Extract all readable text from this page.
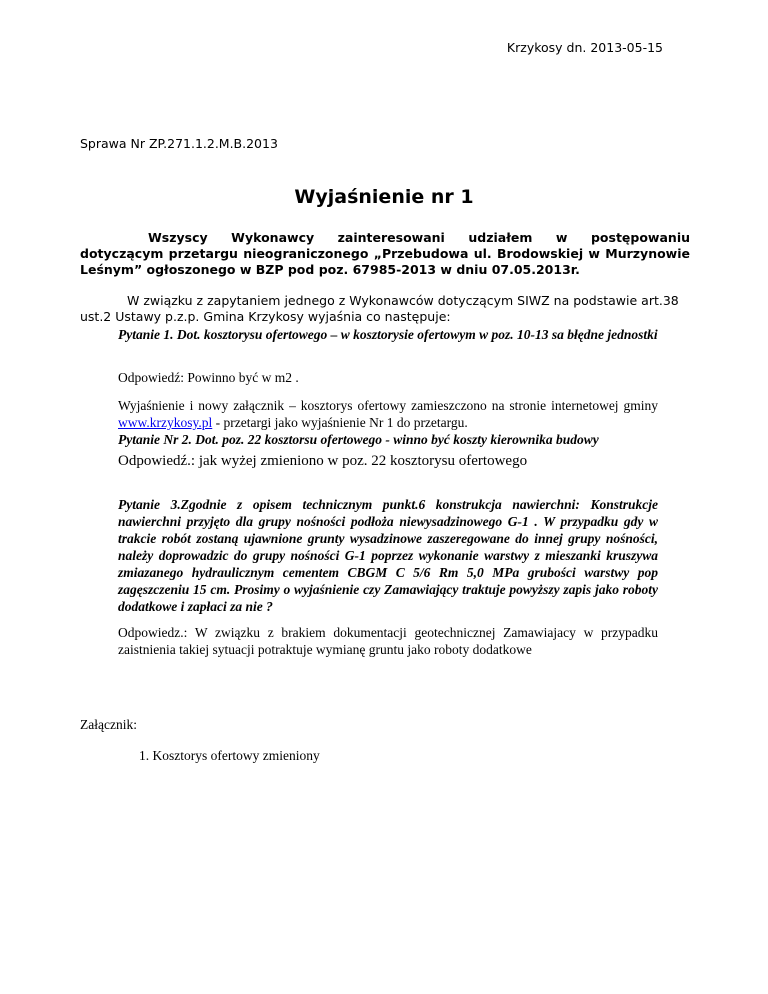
Krzykosy dn. 2013-05-15
Sprawa Nr ZP.271.1.2.M.B.2013
Wyjaśnienie nr 1
Wszyscy Wykonawcy zainteresowani udziałem w postępowaniu
dotyczącym przetargu nieograniczonego „Przebudowa ul. Brodowskiej w Murzynowie Leśnym” ogłoszonego w BZP pod poz. 67985-2013 w dniu 07.05.2013r.
W związku z zapytaniem jednego z Wykonawców dotyczącym SIWZ na podstawie art.38 ust.2 Ustawy p.z.p. Gmina Krzykosy wyjaśnia co następuje:
Pytanie 1. Dot. kosztorysu ofertowego – w kosztorysie ofertowym w poz. 10-13 sa błędne jednostki
Odpowiedź: Powinno być w m2 .
Wyjaśnienie i nowy załącznik – kosztorys ofertowy zamieszczono na stronie internetowej gminy www.krzykosy.pl - przetargi jako wyjaśnienie Nr 1 do przetargu.
Pytanie Nr 2. Dot. poz. 22 kosztorsu ofertowego - winno być koszty kierownika budowy
Odpowiedź.: jak wyżej zmieniono w poz. 22 kosztorysu ofertowego
Pytanie 3.Zgodnie z opisem technicznym punkt.6 konstrukcja nawierchni: Konstrukcje nawierchni przyjęto dla grupy nośności podłoża niewysadzinowego G-1 . W przypadku gdy w trakcie robót zostaną ujawnione grunty wysadzinowe zaszeregowane do innej grupy nośności, należy doprowadzic do grupy nośności G-1 poprzez wykonanie warstwy z mieszanki kruszywa zmiazanego hydraulicznym cementem CBGM C 5/6 Rm 5,0 MPa grubości warstwy pop zagęszczeniu 15 cm. Prosimy o wyjaśnienie czy Zamawiający traktuje powyższy zapis jako roboty dodatkowe i zapłaci za nie ?
Odpowiedz.: W związku z brakiem dokumentacji geotechnicznej Zamawiajacy w przypadku zaistnienia takiej sytuacji potraktuje wymianę gruntu jako roboty dodatkowe
Załącznik:
1. Kosztorys ofertowy zmieniony
